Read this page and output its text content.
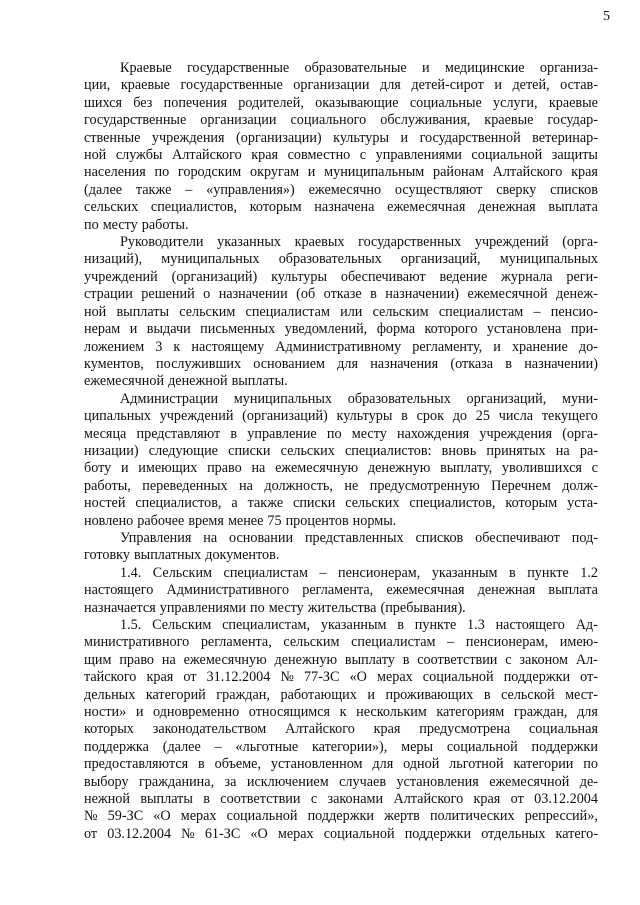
5
Краевые государственные образовательные и медицинские организа-
ции, краевые государственные организации для детей-сирот и детей, остав-
шихся без попечения родителей, оказывающие социальные услуги, краевые
государственные организации социального обслуживания, краевые государ-
ственные учреждения (организации) культуры и государственной ветеринар-
ной службы Алтайского края совместно с управлениями социальной защиты
населения по городским округам и муниципальным районам Алтайского края
(далее также – «управления») ежемесячно осуществляют сверку списков
сельских специалистов, которым назначена ежемесячная денежная выплата
по месту работы.
Руководители указанных краевых государственных учреждений (орга-
низаций), муниципальных образовательных организаций, муниципальных
учреждений (организаций) культуры обеспечивают ведение журнала реги-
страции решений о назначении (об отказе в назначении) ежемесячной денеж-
ной выплаты сельским специалистам или сельским специалистам – пенсио-
нерам и выдачи письменных уведомлений, форма которого установлена при-
ложением 3 к настоящему Административному регламенту, и хранение до-
кументов, послуживших основанием для назначения (отказа в назначении)
ежемесячной денежной выплаты.
Администрации муниципальных образовательных организаций, муни-
ципальных учреждений (организаций) культуры в срок до 25 числа текущего
месяца представляют в управление по месту нахождения учреждения (орга-
низации) следующие списки сельских специалистов: вновь принятых на ра-
боту и имеющих право на ежемесячную денежную выплату, уволившихся с
работы, переведенных на должность, не предусмотренную Перечнем долж-
ностей специалистов, а также списки сельских специалистов, которым уста-
новлено рабочее время менее 75 процентов нормы.
Управления на основании представленных списков обеспечивают под-
готовку выплатных документов.
1.4. Сельским специалистам – пенсионерам, указанным в пункте 1.2
настоящего Административного регламента, ежемесячная денежная выплата
назначается управлениями по месту жительства (пребывания).
1.5. Сельским специалистам, указанным в пункте 1.3 настоящего Ад-
министративного регламента, сельским специалистам – пенсионерам, имею-
щим право на ежемесячную денежную выплату в соответствии с законом Ал-
тайского края от 31.12.2004 № 77-ЗС «О мерах социальной поддержки от-
дельных категорий граждан, работающих и проживающих в сельской мест-
ности» и одновременно относящимся к нескольким категориям граждан, для
которых законодательством Алтайского края предусмотрена социальная
поддержка (далее – «льготные категории»), меры социальной поддержки
предоставляются в объеме, установленном для одной льготной категории по
выбору гражданина, за исключением случаев установления ежемесячной де-
нежной выплаты в соответствии с законами Алтайского края от 03.12.2004
№ 59-ЗС «О мерах социальной поддержки жертв политических репрессий»,
от 03.12.2004 № 61-ЗС «О мерах социальной поддержки отдельных катего-
